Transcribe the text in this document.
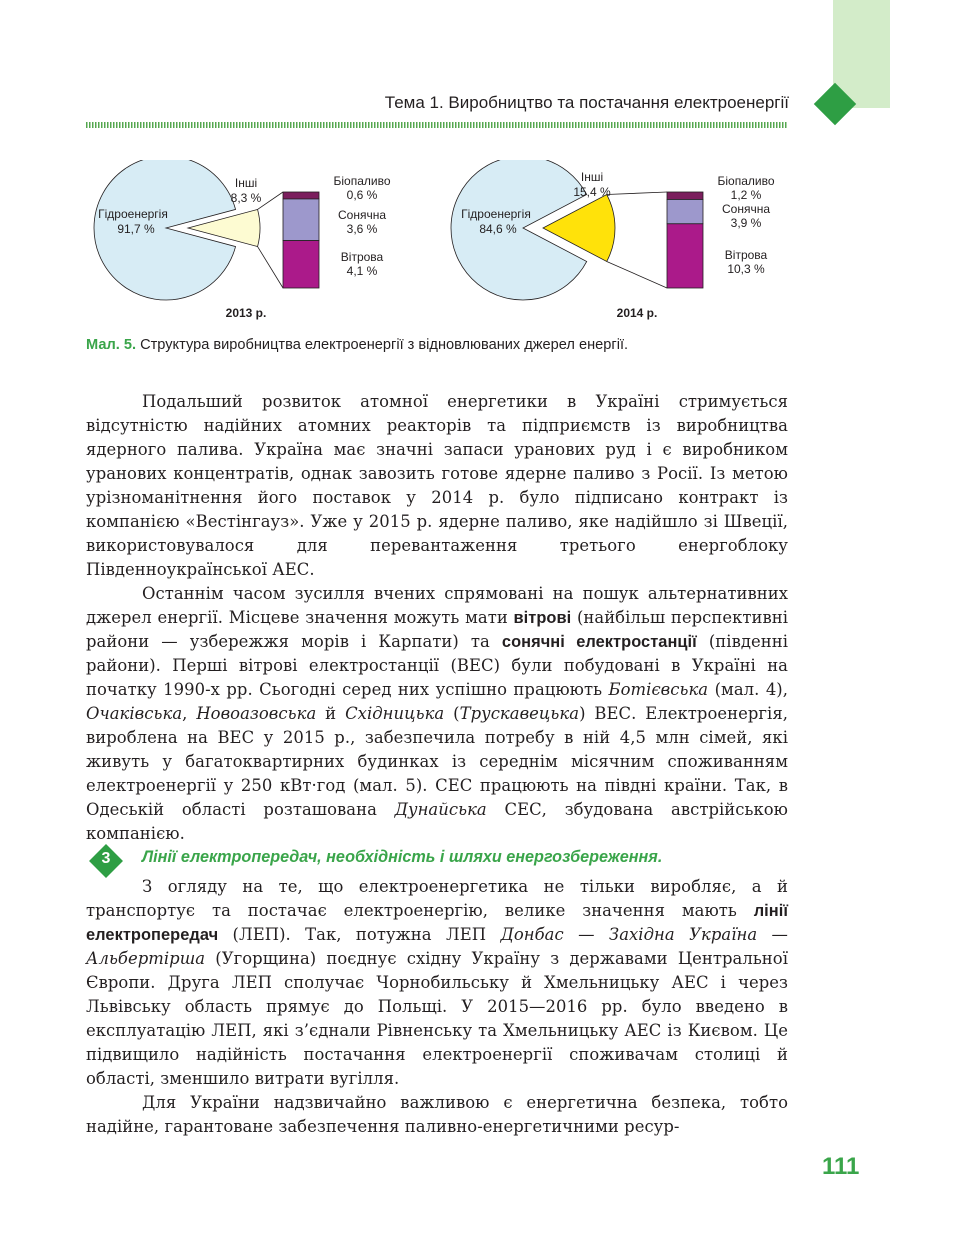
Тема 1. Виробництво та постачання електроенергії
Гідроенергія
91,7 %
Інші
8,3 %
Біопаливо
0,6 %
Сонячна
3,6 %
Вітрова
4,1 %
2013 р.
Гідроенергія
84,6 %
Інші
15,4 %
Біопаливо
1,2 %
Сонячна
3,9 %
Вітрова
10,3 %
2014 р.
Мал. 5. Структура виробництва електроенергії з відновлюваних джерел енергії.

Подальший розвиток атомної енергетики в Україні стримується відсутністю надійних атомних реакторів та підприємств із виробництва ядерного палива. Україна має значні запаси уранових руд і є виробником уранових концентратів, однак завозить готове ядерне паливо з Росії. Із метою урізноманітнення його поставок у 2014 р. було підписано контракт із компанією «Вестінгауз». Уже у 2015 р. ядерне паливо, яке надійшло зі Швеції, використовувалося для перевантаження третього енергоблоку Південноукраїнської АЕС.

Останнім часом зусилля вчених спрямовані на пошук альтернативних джерел енергії. Місцеве значення можуть мати вітрові (найбільш перспективні райони — узбережжя морів і Карпати) та сонячні електростанції (південні райони). Перші вітрові електростанції (ВЕС) були побудовані в Україні на початку 1990-х рр. Сьогодні серед них успішно працюють Ботієвська (мал. 4), Очаківська, Новоазовська й Східницька (Трускавецька) ВЕС. Електроенергія, вироблена на ВЕС у 2015 р., забезпечила потребу в ній 4,5 млн сімей, які живуть у багатоквартирних будинках із середнім місячним споживанням електроенергії у 250 кВт·год (мал. 5). СЕС працюють на півдні країни. Так, в Одеській області розташована Дунайська СЕС, збудована австрійською компанією.

3	Лінії електропередач, необхідність і шляхи енергозбереження.

З огляду на те, що електроенергетика не тільки виробляє, а й транспортує та постачає електроенергію, велике значення мають лінії електропередач (ЛЕП). Так, потужна ЛЕП Донбас — Західна Україна — Альбертірша (Угорщина) поєднує східну Україну з державами Центральної Європи. Друга ЛЕП сполучає Чорнобильську й Хмельницьку АЕС і через Львівську область прямує до Польщі. У 2015—2016 рр. було введено в експлуатацію ЛЕП, які з’єднали Рівненську та Хмельницьку АЕС із Києвом. Це підвищило надійність постачання електроенергії споживачам столиці й області, зменшило витрати вугілля.

Для України надзвичайно важливою є енергетична безпека, тобто надійне, гарантоване забезпечення паливно-енергетичними ресур-

111
